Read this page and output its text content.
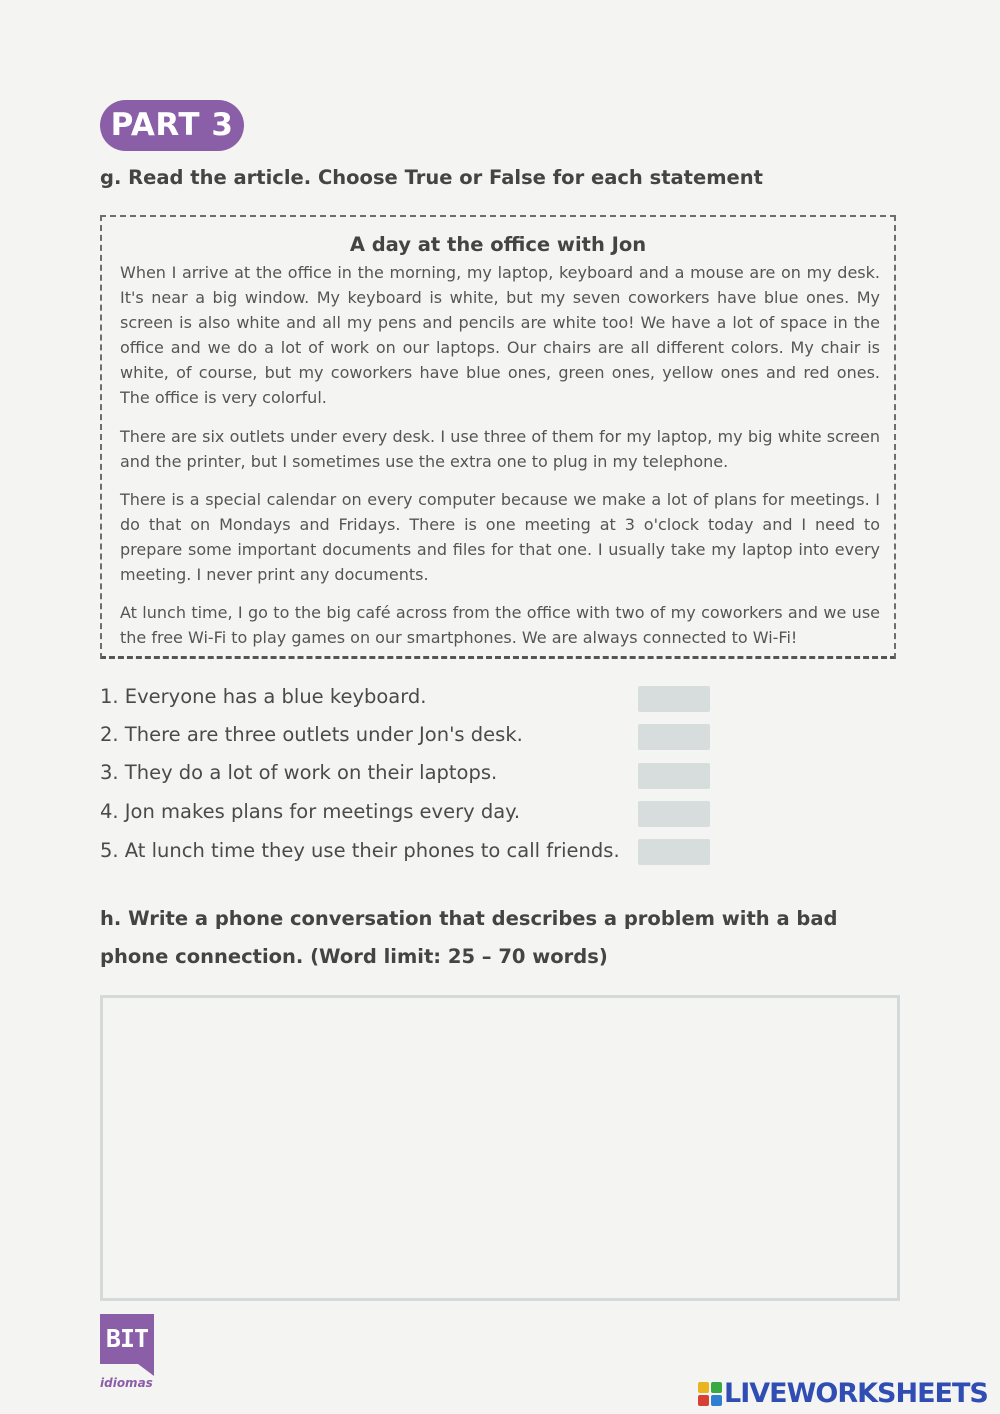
PART 3
g. Read the article. Choose True or False for each statement
A day at the office with Jon

When I arrive at the office in the morning, my laptop, keyboard and a mouse are on my desk. It's near a big window. My keyboard is white, but my seven coworkers have blue ones. My screen is also white and all my pens and pencils are white too! We have a lot of space in the office and we do a lot of work on our laptops. Our chairs are all different colors. My chair is white, of course, but my coworkers have blue ones, green ones, yellow ones and red ones. The office is very colorful.

There are six outlets under every desk. I use three of them for my laptop, my big white screen and the printer, but I sometimes use the extra one to plug in my telephone.

There is a special calendar on every computer because we make a lot of plans for meetings. I do that on Mondays and Fridays. There is one meeting at 3 o'clock today and I need to prepare some important documents and files for that one. I usually take my laptop into every meeting. I never print any documents.

At lunch time, I go to the big café across from the office with two of my coworkers and we use the free Wi-Fi to play games on our smartphones. We are always connected to Wi-Fi!

1. Everyone has a blue keyboard.
2. There are three outlets under Jon's desk.
3. They do a lot of work on their laptops.
4. Jon makes plans for meetings every day.
5. At lunch time they use their phones to call friends.
h. Write a phone conversation that describes a problem with a bad phone connection. (Word limit: 25 – 70 words)
BIT
idiomas	LIVEWORKSHEETS
